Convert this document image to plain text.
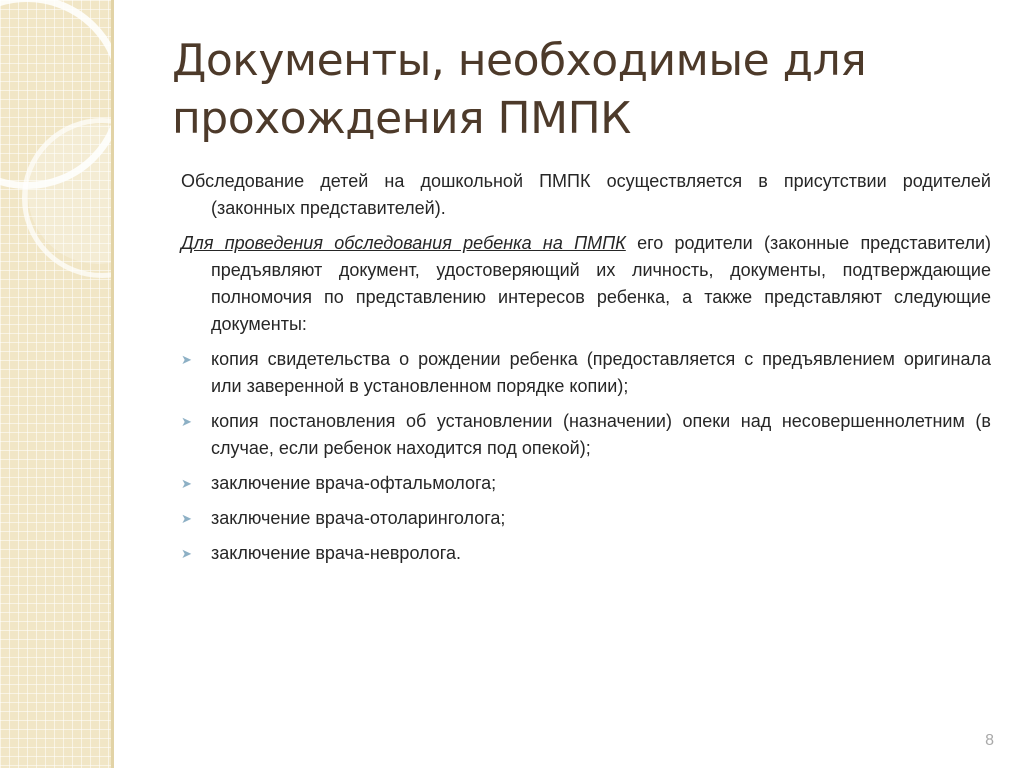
Документы, необходимые для прохождения ПМПК

Обследование детей на дошкольной ПМПК осуществляется в присутствии родителей (законных представителей).

Для проведения обследования ребенка на ПМПК его родители (законные представители) предъявляют документ, удостоверяющий их личность, документы, подтверждающие полномочия по представлению интересов ребенка, а также представляют следующие документы:

➤ копия свидетельства о рождении ребенка (предоставляется с предъявлением оригинала или заверенной в установленном порядке копии);
➤ копия постановления об установлении (назначении) опеки над несовершеннолетним (в случае, если ребенок находится под опекой);
➤ заключение врача-офтальмолога;
➤ заключение врача-отоларинголога;
➤ заключение врача-невролога.
8
